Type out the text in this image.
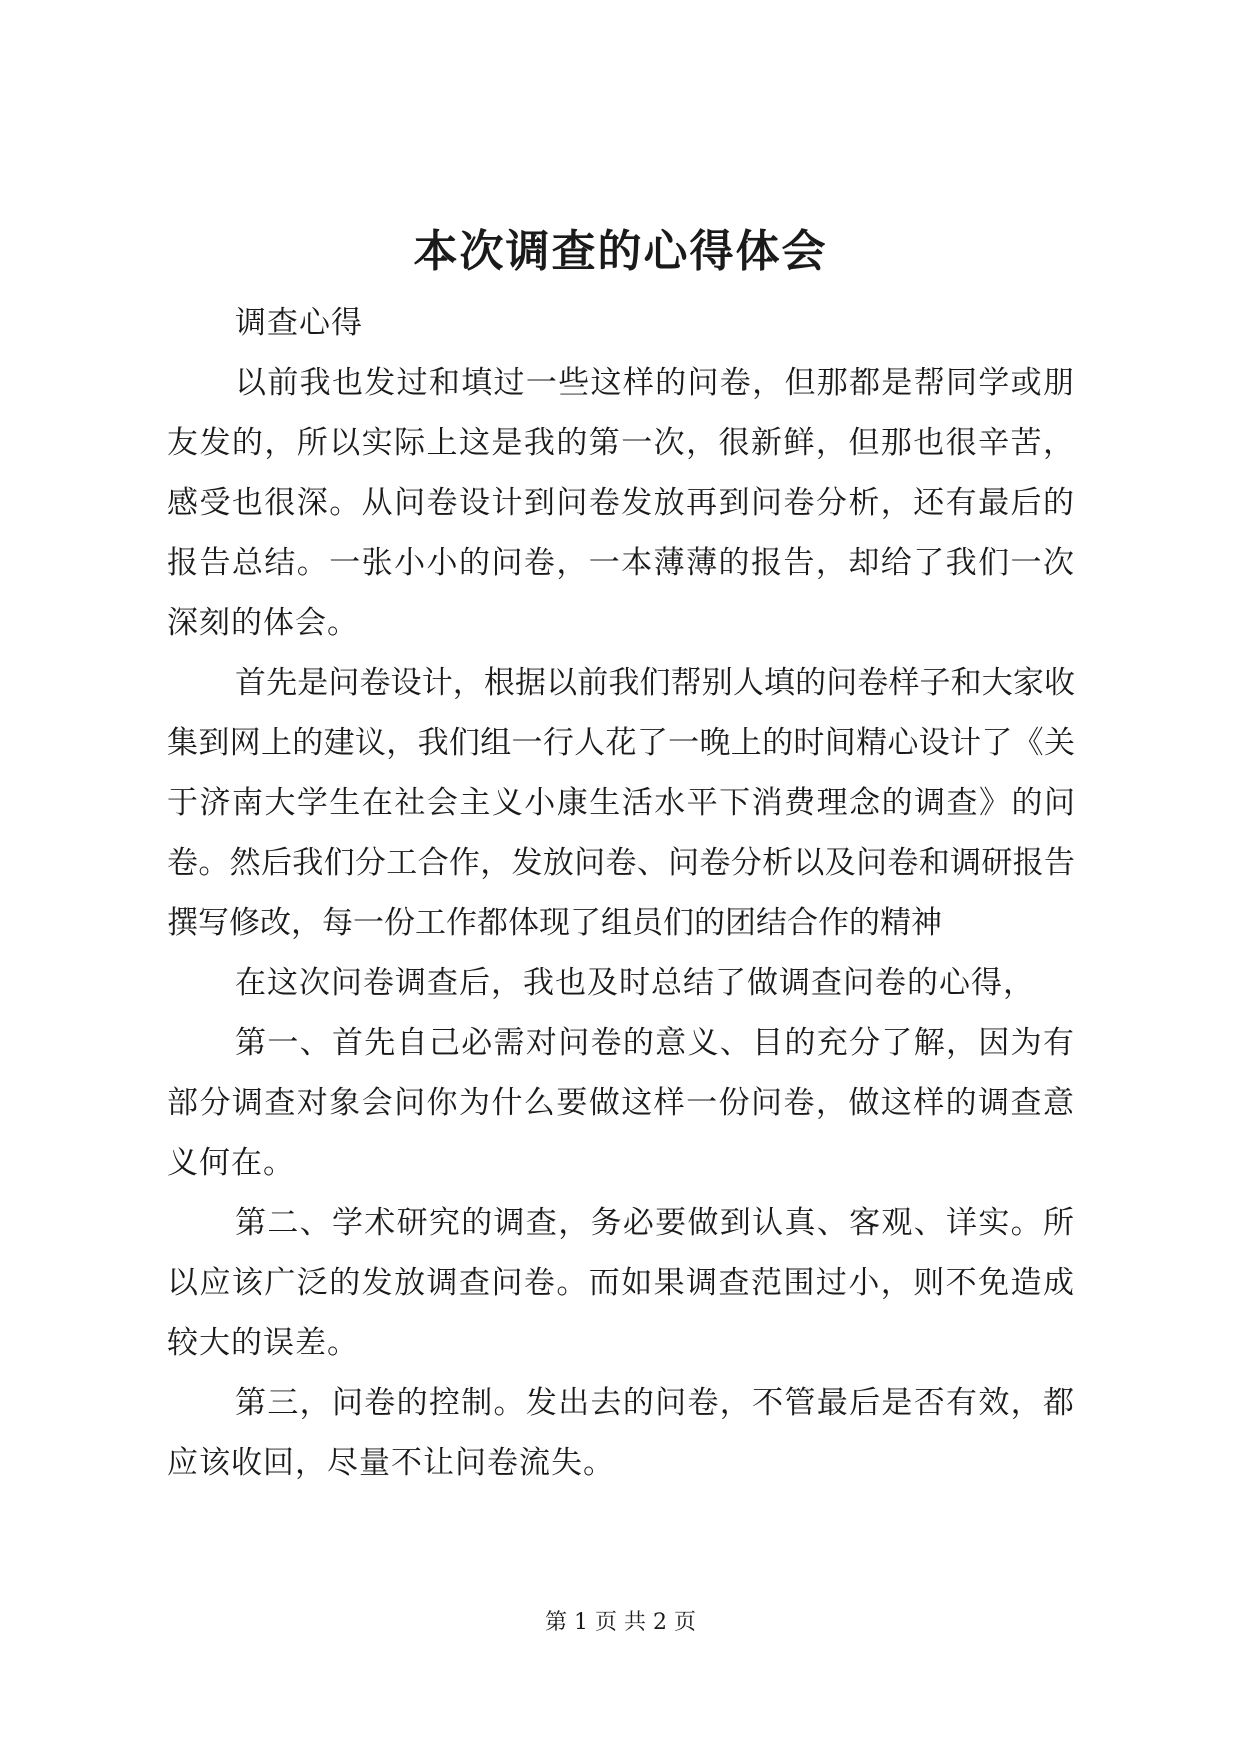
本次调查的心得体会

调查心得

以前我也发过和填过一些这样的问卷，但那都是帮同学或朋友发的，所以实际上这是我的第一次，很新鲜，但那也很辛苦，感受也很深。从问卷设计到问卷发放再到问卷分析，还有最后的报告总结。一张小小的问卷，一本薄薄的报告，却给了我们一次深刻的体会。

首先是问卷设计，根据以前我们帮别人填的问卷样子和大家收集到网上的建议，我们组一行人花了一晚上的时间精心设计了《关于济南大学生在社会主义小康生活水平下消费理念的调查》的问卷。然后我们分工合作，发放问卷、问卷分析以及问卷和调研报告撰写修改，每一份工作都体现了组员们的团结合作的精神

在这次问卷调查后，我也及时总结了做调查问卷的心得，

第一、首先自己必需对问卷的意义、目的充分了解，因为有部分调查对象会问你为什么要做这样一份问卷，做这样的调查意义何在。

第二、学术研究的调查，务必要做到认真、客观、详实。所以应该广泛的发放调查问卷。而如果调查范围过小，则不免造成较大的误差。

第三，问卷的控制。发出去的问卷，不管最后是否有效，都应该收回，尽量不让问卷流失。

第 1 页 共 2 页
